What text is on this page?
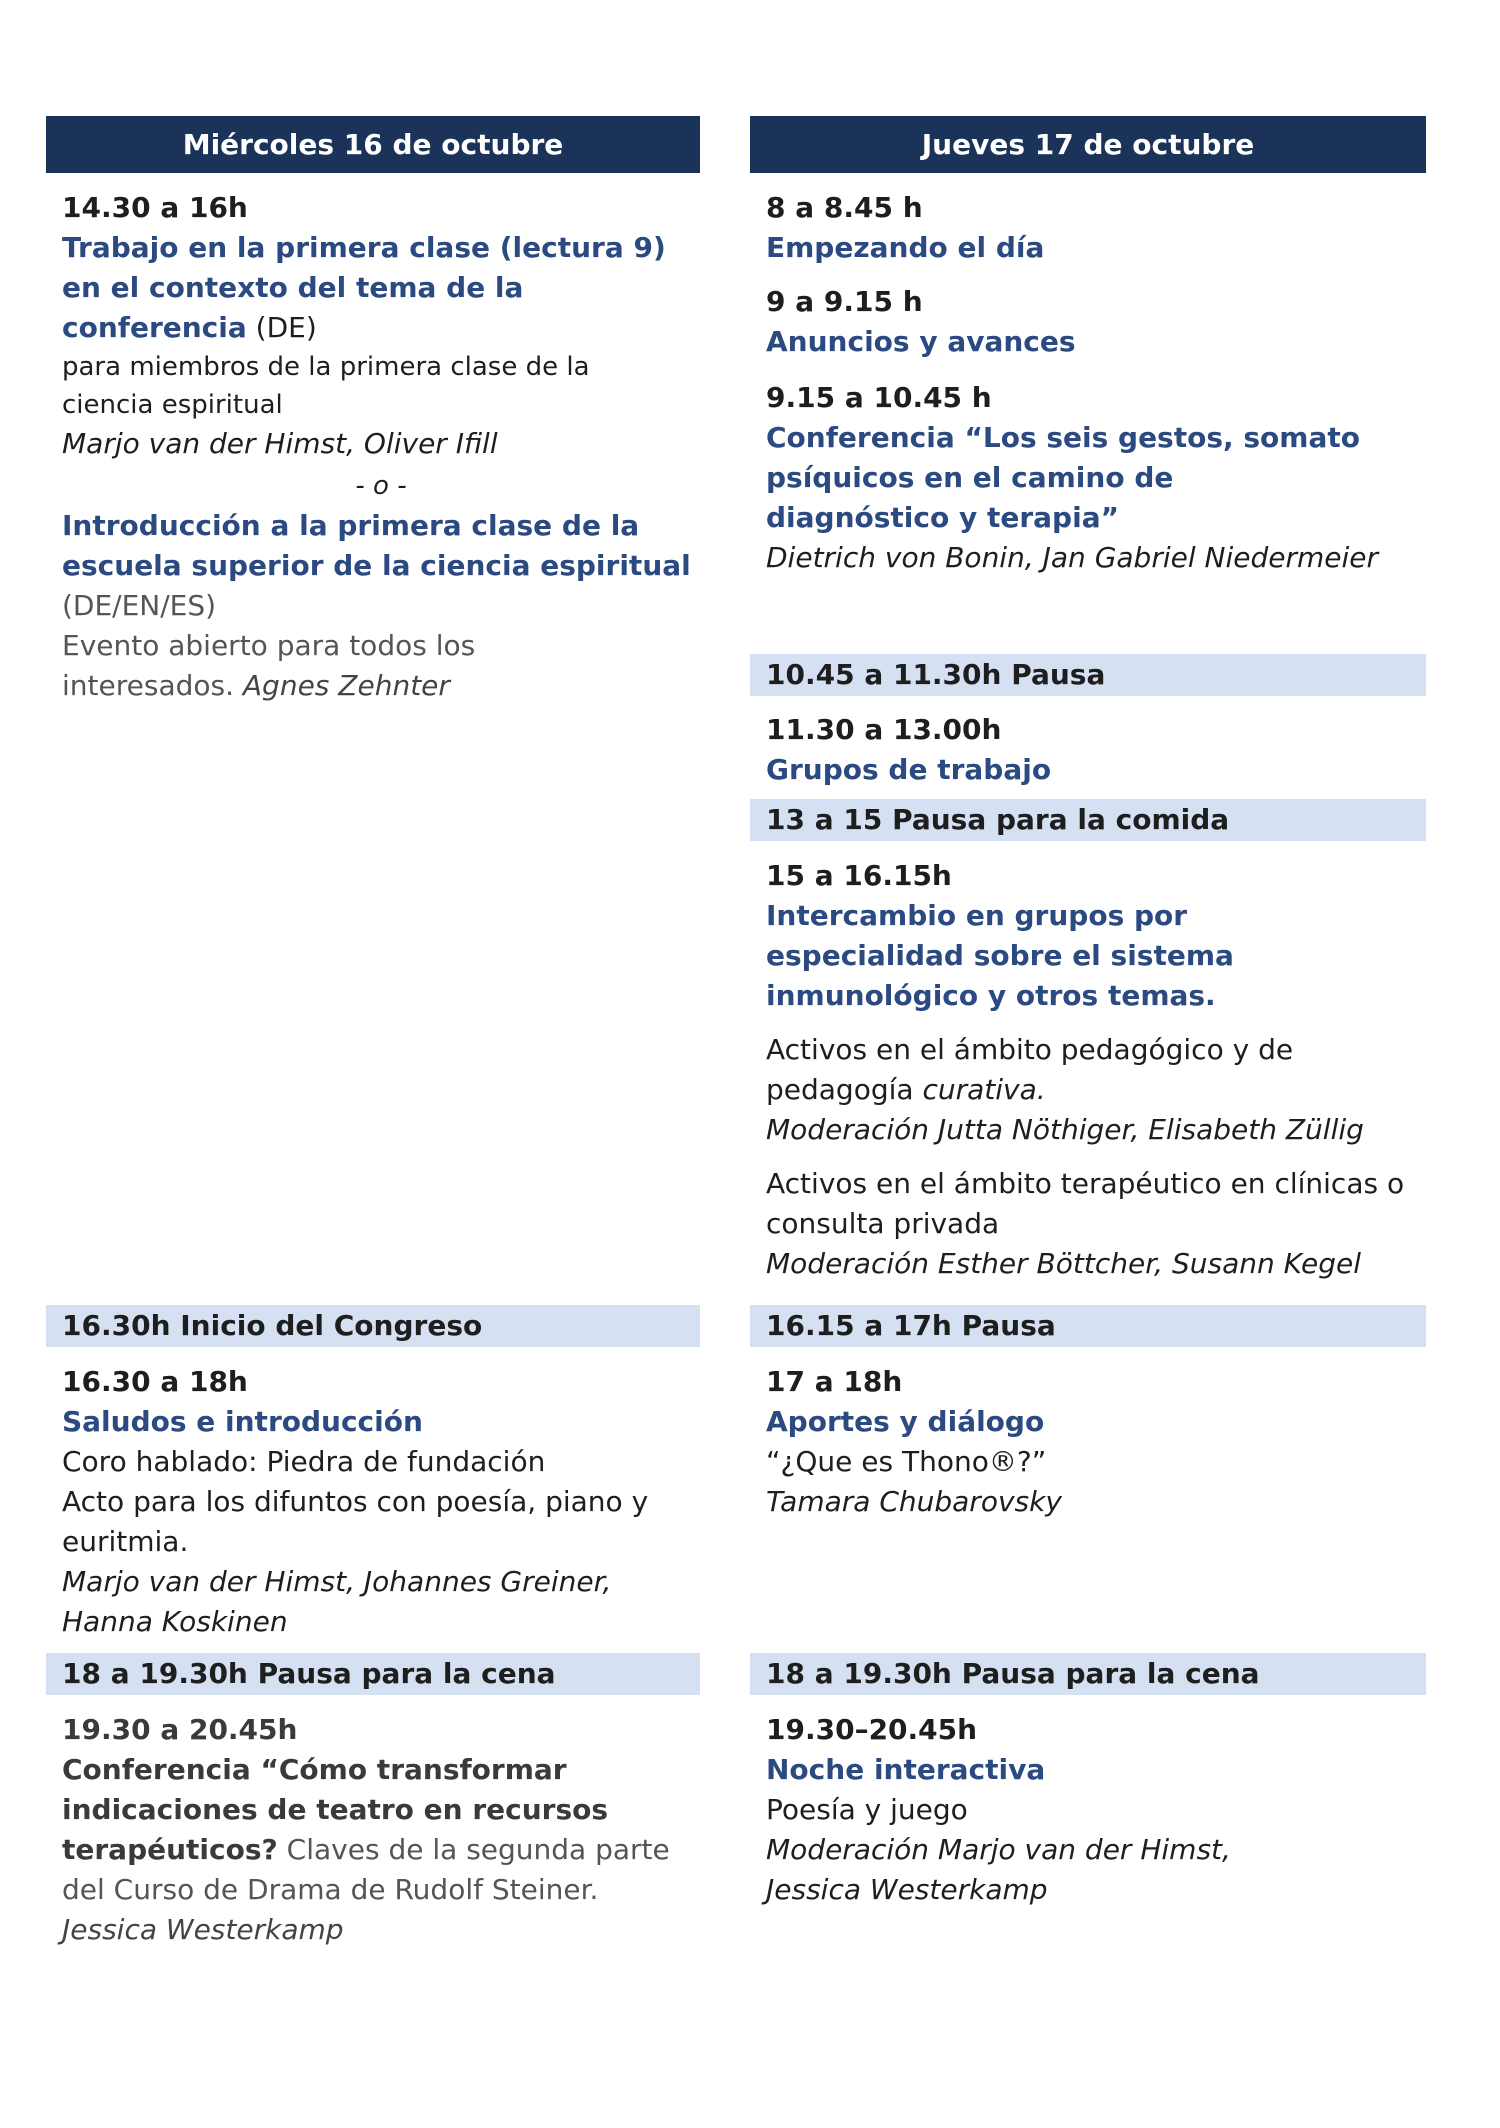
Miércoles 16 de octubre
14.30 a 16h
Trabajo en la primera clase (lectura 9) en el contexto del tema de la conferencia (DE)
para miembros de la primera clase de la ciencia espiritual
Marjo van der Himst, Oliver Ifill
- o -
Introducción a la primera clase de la escuela superior de la ciencia espiritual (DE/EN/ES)
Evento abierto para todos los interesados. Agnes Zehnter
16.30h Inicio del Congreso
16.30 a 18h
Saludos e introducción
Coro hablado: Piedra de fundación
Acto para los difuntos con poesía, piano y euritmia.
Marjo van der Himst, Johannes Greiner, Hanna Koskinen
18 a 19.30h Pausa para la cena
19.30 a 20.45h
Conferencia “Cómo transformar indicaciones de teatro en recursos terapéuticos? Claves de la segunda parte del Curso de Drama de Rudolf Steiner.
Jessica Westerkamp
Jueves 17 de octubre
8 a 8.45 h
Empezando el día
9 a 9.15 h
Anuncios y avances
9.15 a 10.45 h
Conferencia “Los seis gestos, somato psíquicos en el camino de diagnóstico y terapia”
Dietrich von Bonin, Jan Gabriel Niedermeier
10.45 a 11.30h Pausa
11.30 a 13.00h
Grupos de trabajo
13 a 15 Pausa para la comida
15 a 16.15h
Intercambio en grupos por especialidad sobre el sistema inmunológico y otros temas.
Activos en el ámbito pedagógico y de pedagogía curativa.
Moderación Jutta Nöthiger, Elisabeth Züllig
Activos en el ámbito terapéutico en clínicas o consulta privada
Moderación Esther Böttcher, Susann Kegel
16.15 a 17h Pausa
17 a 18h
Aportes y diálogo
“¿Que es Thono®?”
Tamara Chubarovsky
18 a 19.30h Pausa para la cena
19.30–20.45h
Noche interactiva
Poesía y juego
Moderación Marjo van der Himst, Jessica Westerkamp
